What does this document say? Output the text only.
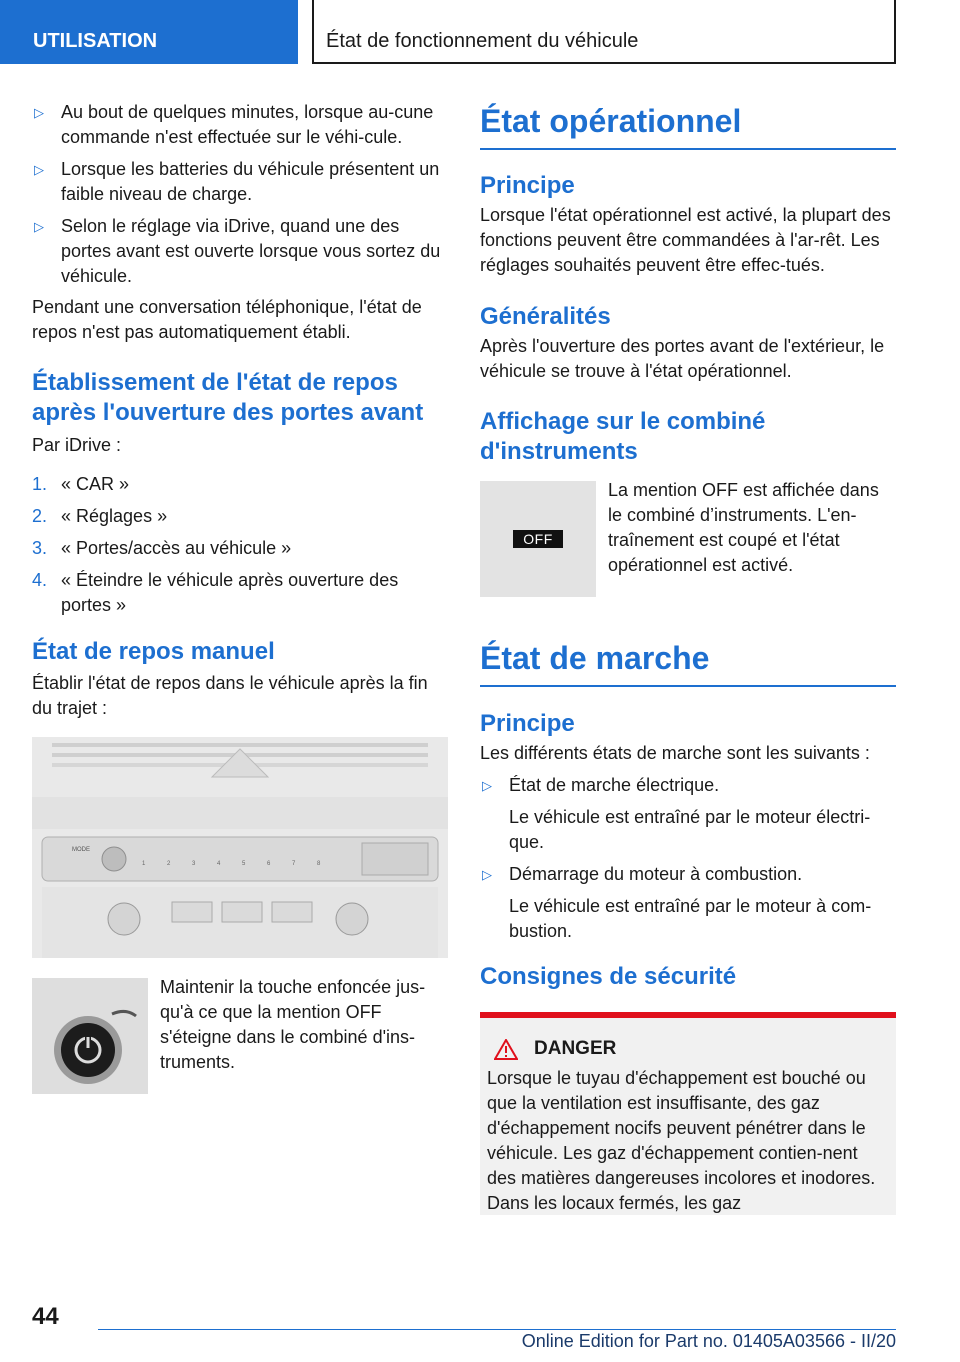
UTILISATION	État de fonctionnement du véhicule
▷ Au bout de quelques minutes, lorsque au-cune commande n'est effectuée sur le véhi-cule.
▷ Lorsque les batteries du véhicule présentent un faible niveau de charge.
▷ Selon le réglage via iDrive, quand une des portes avant est ouverte lorsque vous sortez du véhicule.

Pendant une conversation téléphonique, l'état de repos n'est pas automatiquement établi.

Établissement de l'état de repos après l'ouverture des portes avant

Par iDrive :

1. « CAR »
2. « Réglages »
3. « Portes/accès au véhicule »
4. « Éteindre le véhicule après ouverture des portes »
État de repos manuel

Établir l'état de repos dans le véhicule après la fin du trajet :

MODE
1	2	3	4	5	6	7	8

Maintenir la touche enfoncée jus-qu'à ce que la mention OFF s'éteigne dans le combiné d'ins-truments.

État opérationnel
Principe

Lorsque l'état opérationnel est activé, la plupart des fonctions peuvent être commandées à l'ar-rêt. Les réglages souhaités peuvent être effec-tués.

Généralités

Après l'ouverture des portes avant de l'extérieur, le véhicule se trouve à l'état opérationnel.

Affichage sur le combiné d'instruments
OFF

La mention OFF est affichée dans le combiné d’instruments. L'en-traînement est coupé et l'état opérationnel est activé.

État de marche
Principe

Les différents états de marche sont les suivants :

▷ État de marche électrique.
Le véhicule est entraîné par le moteur électri-que.
▷ Démarrage du moteur à combustion.
Le véhicule est entraîné par le moteur à com-bustion.
Consignes de sécurité
DANGER

Lorsque le tuyau d'échappement est bouché ou que la ventilation est insuffisante, des gaz d'échappement nocifs peuvent pénétrer dans le véhicule. Les gaz d'échappement contien-nent des matières dangereuses incolores et inodores. Dans les locaux fermés, les gaz

44
Online Edition for Part no. 01405A03566 - II/20
